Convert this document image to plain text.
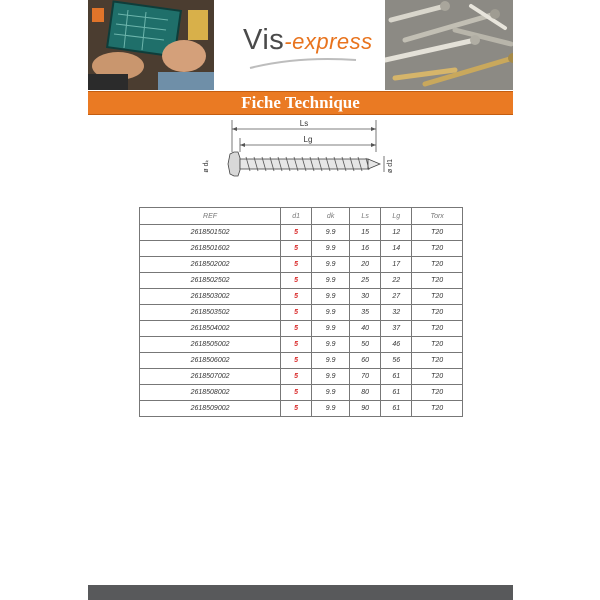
Vis-express
Fiche Technique
Ls
Lg
ø dₖ	ø d1
REF	d1	dk	Ls	Lg	Torx
2618501502	5	9.9	15	12	T20
2618501602	5	9.9	16	14	T20
2618502002	5	9.9	20	17	T20
2618502502	5	9.9	25	22	T20
2618503002	5	9.9	30	27	T20
2618503502	5	9.9	35	32	T20
2618504002	5	9.9	40	37	T20
2618505002	5	9.9	50	46	T20
2618506002	5	9.9	60	56	T20
2618507002	5	9.9	70	61	T20
2618508002	5	9.9	80	61	T20
2618509002	5	9.9	90	61	T20
